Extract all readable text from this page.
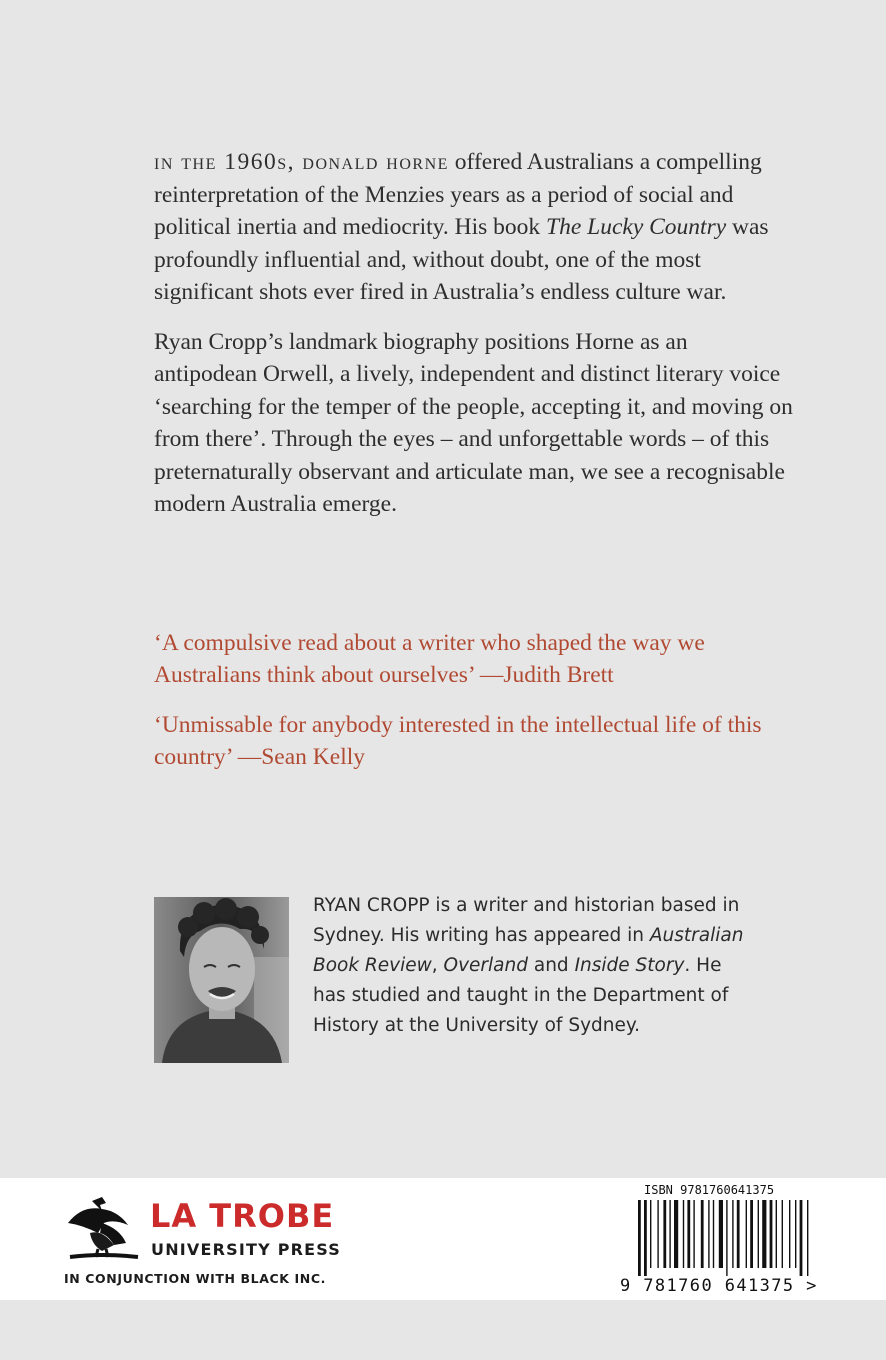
in the 1960s, donald horne offered Australians a compelling reinterpretation of the Menzies years as a period of social and political inertia and mediocrity. His book The Lucky Country was profoundly influential and, without doubt, one of the most significant shots ever fired in Australia’s endless culture war.

Ryan Cropp’s landmark biography positions Horne as an antipodean Orwell, a lively, independent and distinct literary voice ‘searching for the temper of the people, accepting it, and moving on from there’. Through the eyes – and unforgettable words – of this preternaturally observant and articulate man, we see a recognisable modern Australia emerge.

‘A compulsive read about a writer who shaped the way we Australians think about ourselves’ —Judith Brett

‘Unmissable for anybody interested in the intellectual life of this country’ —Sean Kelly

RYAN CROPP is a writer and historian based in Sydney. His writing has appeared in Australian Book Review, Overland and Inside Story. He has studied and taught in the Department of History at the University of Sydney.
LA TROBE
UNIVERSITY PRESS
IN CONJUNCTION WITH BLACK INC.
ISBN 9781760641375
9 781760 641375 >
